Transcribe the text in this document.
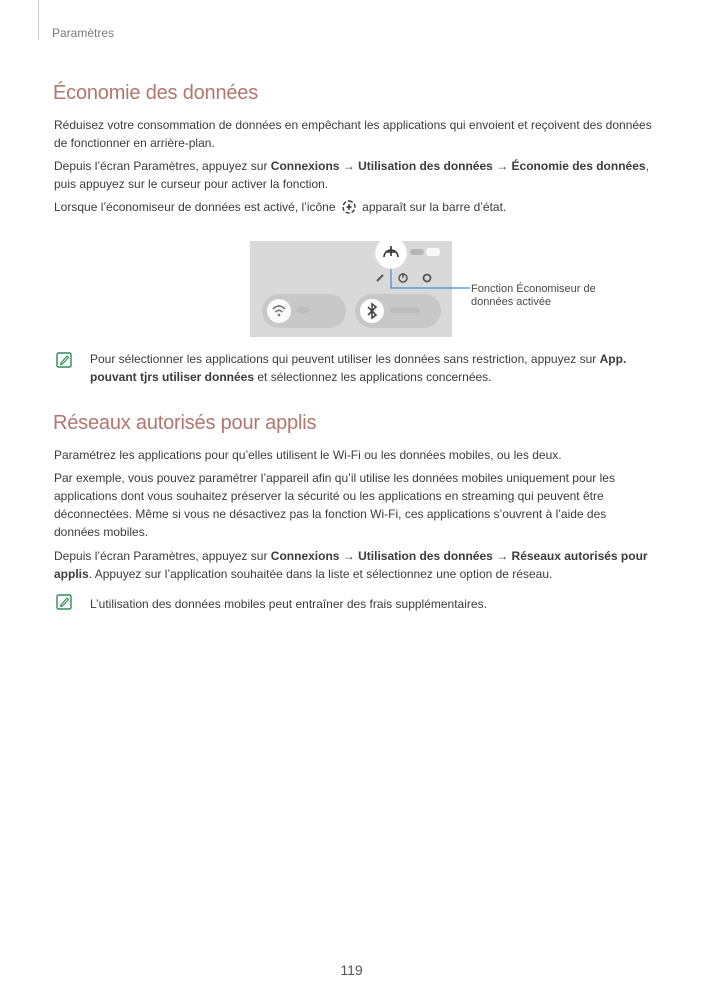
Paramètres
Économie des données

Réduisez votre consommation de données en empêchant les applications qui envoient et reçoivent des données de fonctionner en arrière-plan.

Depuis l’écran Paramètres, appuyez sur Connexions → Utilisation des données → Économie des données, puis appuyez sur le curseur pour activer la fonction.

Lorsque l’économiseur de données est activé, l’icône  apparaît sur la barre d’état.

Fonction Économiseur de données activée

Pour sélectionner les applications qui peuvent utiliser les données sans restriction, appuyez sur App. pouvant tjrs utiliser données et sélectionnez les applications concernées.

Réseaux autorisés pour applis

Paramétrez les applications pour qu’elles utilisent le Wi-Fi ou les données mobiles, ou les deux.

Par exemple, vous pouvez paramétrer l’appareil afin qu’il utilise les données mobiles uniquement pour les applications dont vous souhaitez préserver la sécurité ou les applications en streaming qui peuvent être déconnectées. Même si vous ne désactivez pas la fonction Wi-Fi, ces applications s’ouvrent à l’aide des données mobiles.

Depuis l’écran Paramètres, appuyez sur Connexions → Utilisation des données → Réseaux autorisés pour applis. Appuyez sur l’application souhaitée dans la liste et sélectionnez une option de réseau.

L’utilisation des données mobiles peut entraîner des frais supplémentaires.

119
